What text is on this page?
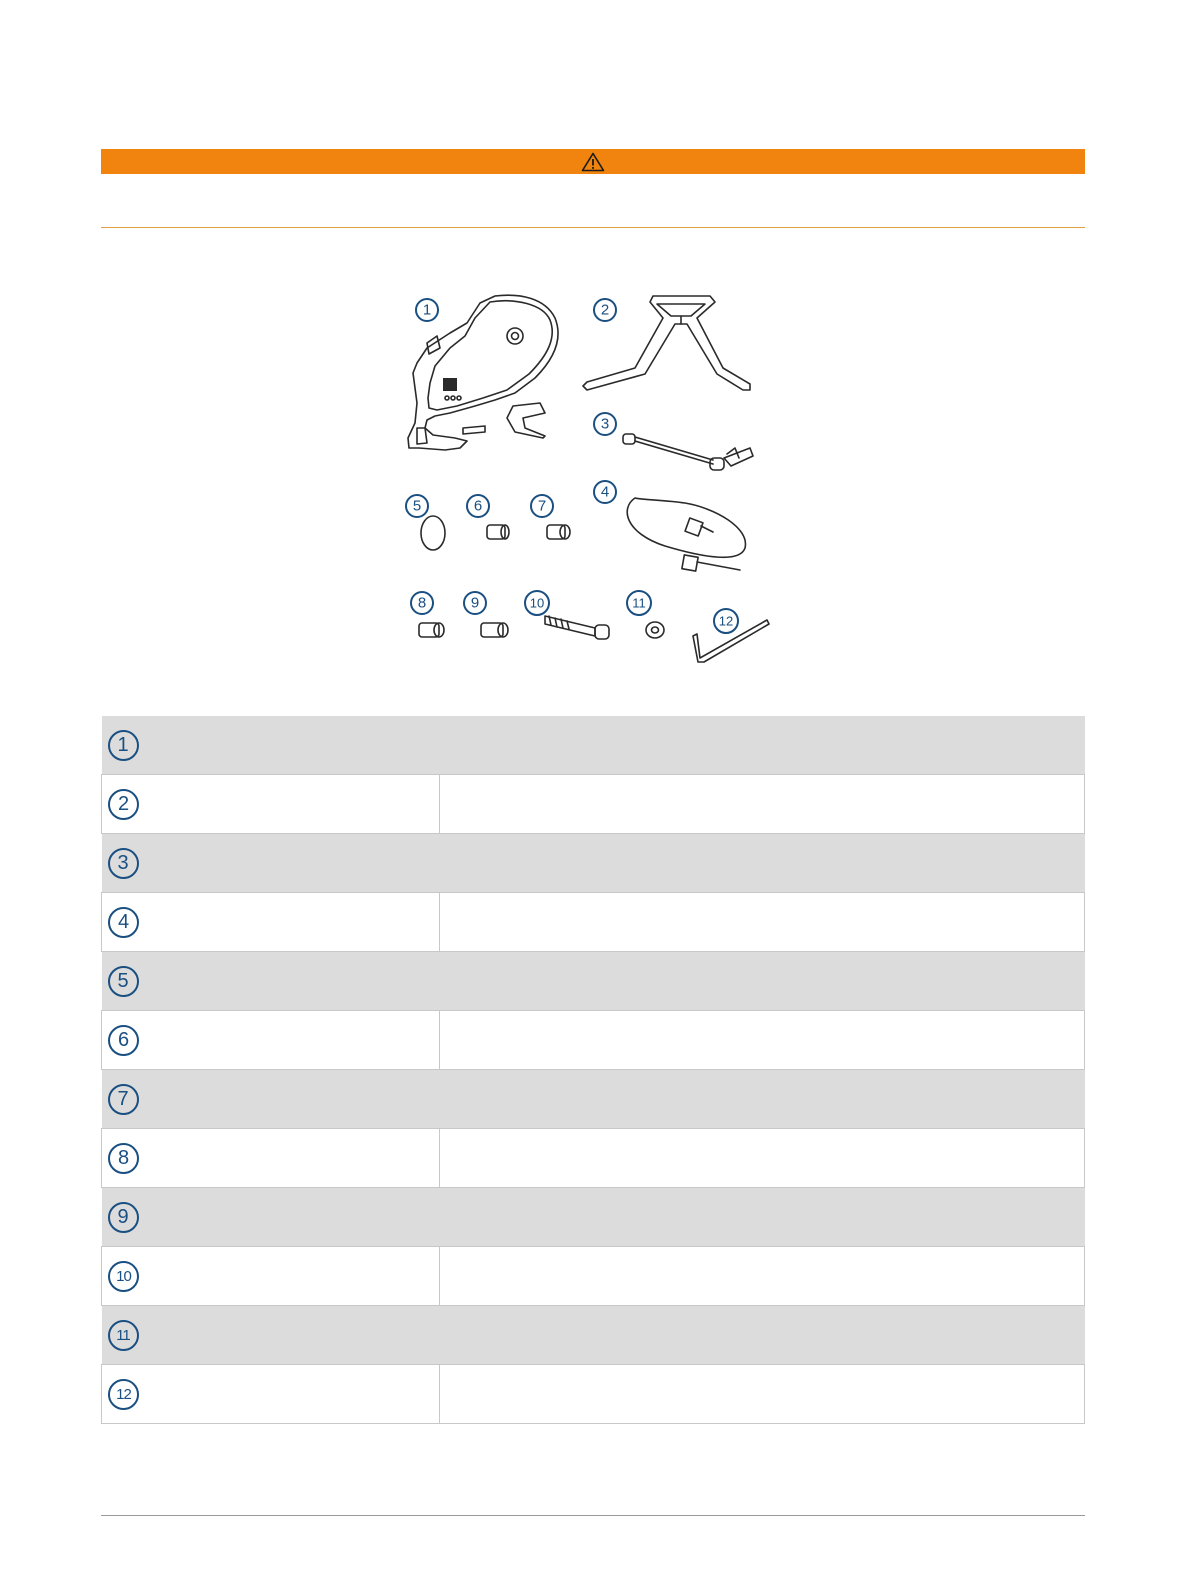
1	2
3
4
5	6	7
8	9	10	11
12
1	
2	
3	
4	
5	
6	
7	
8	
9	
10	
11	
12	
